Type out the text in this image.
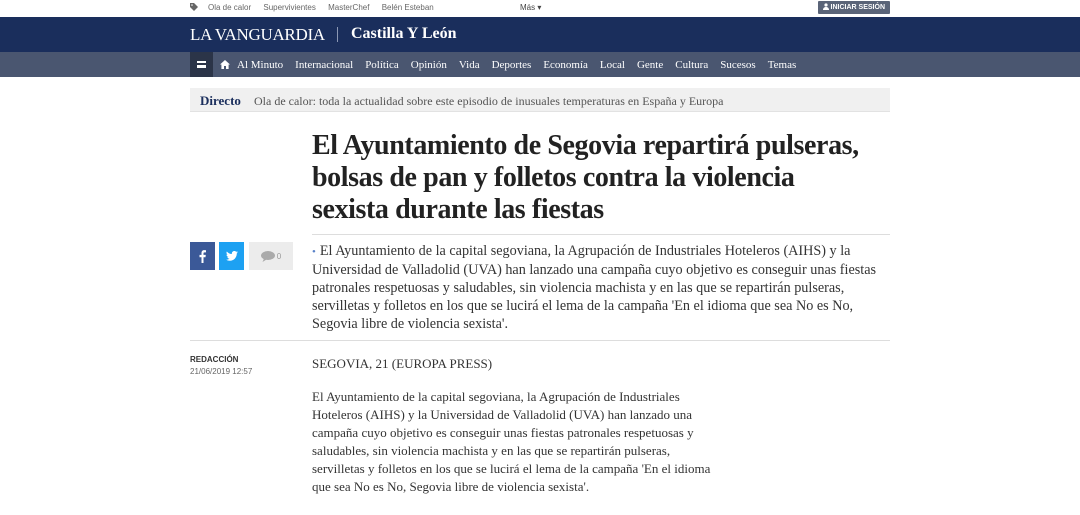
Ola de calor Supervivientes MasterChef Belén Esteban	Más ▾	INICIAR SESIÓN
LA VANGUARDIA Castilla Y León
Al Minuto Internacional Política Opinión Vida Deportes Economía Local Gente Cultura Sucesos Temas
Directo Ola de calor: toda la actualidad sobre este episodio de inusuales temperaturas en España y Europa
El Ayuntamiento de Segovia repartirá pulseras, bolsas de pan y folletos contra la violencia sexista durante las fiestas
0	• El Ayuntamiento de la capital segoviana, la Agrupación de Industriales Hoteleros (AIHS) y la Universidad de Valladolid (UVA) han lanzado una campaña cuyo objetivo es conseguir unas fiestas patronales respetuosas y saludables, sin violencia machista y en las que se repartirán pulseras, servilletas y folletos en los que se lucirá el lema de la campaña 'En el idioma que sea No es No, Segovia libre de violencia sexista'.
REDACCIÓN
21/06/2019 12:57
SEGOVIA, 21 (EUROPA PRESS)

El Ayuntamiento de la capital segoviana, la Agrupación de Industriales Hoteleros (AIHS) y la Universidad de Valladolid (UVA) han lanzado una campaña cuyo objetivo es conseguir unas fiestas patronales respetuosas y saludables, sin violencia machista y en las que se repartirán pulseras, servilletas y folletos en los que se lucirá el lema de la campaña 'En el idioma que sea No es No, Segovia libre de violencia sexista'.
